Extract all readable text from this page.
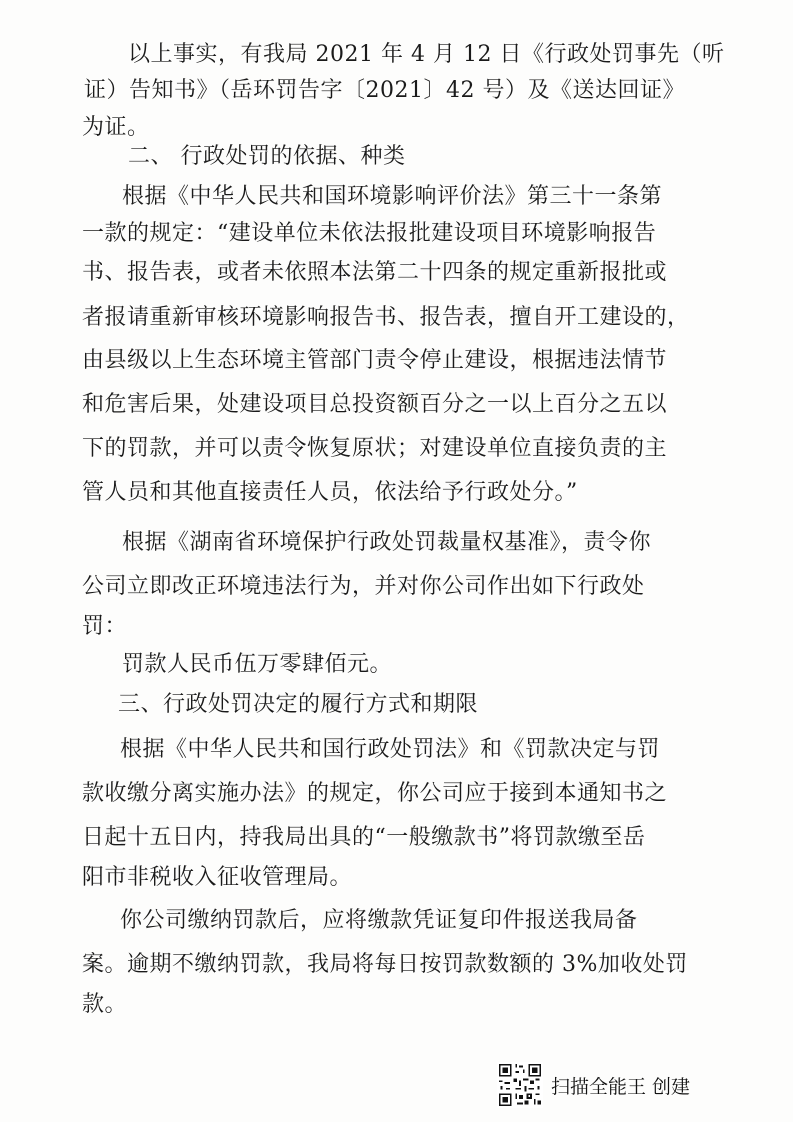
以上事实，有我局 2021 年 4 月 12 日《行政处罚事先（听
证）告知书》（岳环罚告字〔2021〕42 号）及《送达回证》
为证。
二、 行政处罚的依据、种类
根据《中华人民共和国环境影响评价法》第三十一条第
一款的规定：“建设单位未依法报批建设项目环境影响报告
书、报告表，或者未依照本法第二十四条的规定重新报批或
者报请重新审核环境影响报告书、报告表，擅自开工建设的，
由县级以上生态环境主管部门责令停止建设，根据违法情节
和危害后果，处建设项目总投资额百分之一以上百分之五以
下的罚款，并可以责令恢复原状；对建设单位直接负责的主
管人员和其他直接责任人员，依法给予行政处分。”
根据《湖南省环境保护行政处罚裁量权基准》，责令你
公司立即改正环境违法行为，并对你公司作出如下行政处
罚：
罚款人民币伍万零肆佰元。
三、行政处罚决定的履行方式和期限
根据《中华人民共和国行政处罚法》和《罚款决定与罚
款收缴分离实施办法》的规定，你公司应于接到本通知书之
日起十五日内，持我局出具的“一般缴款书”将罚款缴至岳
阳市非税收入征收管理局。
你公司缴纳罚款后，应将缴款凭证复印件报送我局备
案。逾期不缴纳罚款，我局将每日按罚款数额的 3%加收处罚
款。
扫描全能王 创建
